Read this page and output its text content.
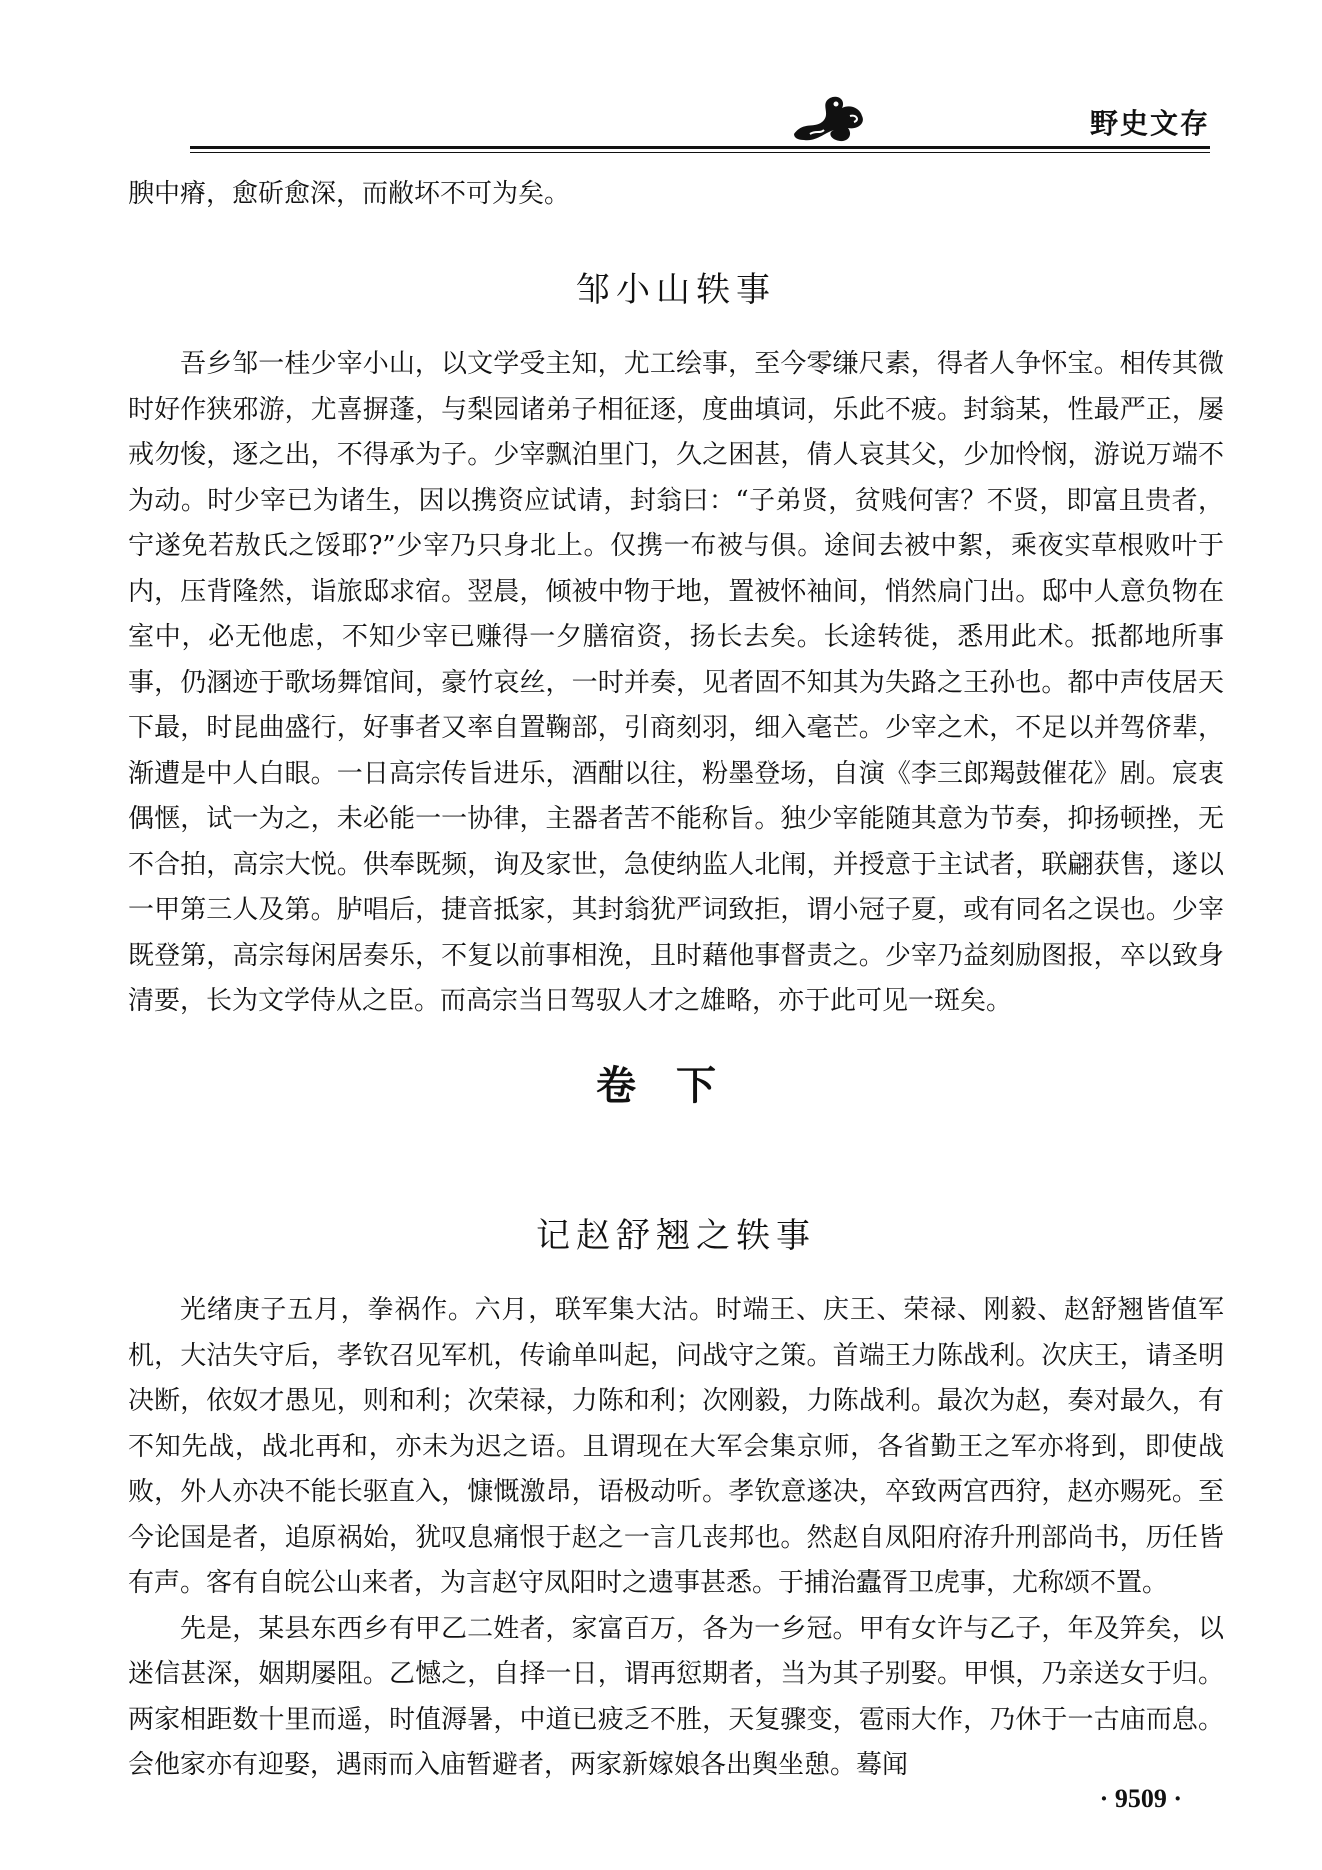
野史文存

腴中瘠，愈斫愈深，而敝坏不可为矣。

邹小山轶事

吾乡邹一桂少宰小山，以文学受主知，尤工绘事，至今零缣尺素，得者人争怀宝。相传其微时好作狭邪游，尤喜摒蓬，与梨园诸弟子相征逐，度曲填词，乐此不疲。封翁某，性最严正，屡戒勿悛，逐之出，不得承为子。少宰飘泊里门，久之困甚，倩人哀其父，少加怜悯，游说万端不为动。时少宰已为诸生，因以携资应试请，封翁曰：“子弟贤，贫贱何害？不贤，即富且贵者，宁遂免若敖氏之馁耶?”少宰乃只身北上。仅携一布被与俱。途间去被中絮，乘夜实草根败叶于内，压背隆然，诣旅邸求宿。翌晨，倾被中物于地，置被怀袖间，悄然扃门出。邸中人意负物在室中，必无他虑，不知少宰已赚得一夕膳宿资，扬长去矣。长途转徙，悉用此术。抵都地所事事，仍溷迹于歌场舞馆间，豪竹哀丝，一时并奏，见者固不知其为失路之王孙也。都中声伎居天下最，时昆曲盛行，好事者又率自置鞠部，引商刻羽，细入毫芒。少宰之术，不足以并驾侪辈，渐遭是中人白眼。一日高宗传旨进乐，酒酣以往，粉墨登场，自演《李三郎羯鼓催花》剧。宸衷偶惬，试一为之，未必能一一协律，主器者苦不能称旨。独少宰能随其意为节奏，抑扬顿挫，无不合拍，高宗大悦。供奉既频，询及家世，急使纳监人北闱，并授意于主试者，联翩获售，遂以一甲第三人及第。胪唱后，捷音抵家，其封翁犹严词致拒，谓小冠子夏，或有同名之误也。少宰既登第，高宗每闲居奏乐，不复以前事相浼，且时藉他事督责之。少宰乃益刻励图报，卒以致身清要，长为文学侍从之臣。而高宗当日驾驭人才之雄略，亦于此可见一斑矣。

卷下
记赵舒翘之轶事

光绪庚子五月，拳祸作。六月，联军集大沽。时端王、庆王、荣禄、刚毅、赵舒翘皆值军机，大沽失守后，孝钦召见军机，传谕单叫起，问战守之策。首端王力陈战利。次庆王，请圣明决断，依奴才愚见，则和利；次荣禄，力陈和利；次刚毅，力陈战利。最次为赵，奏对最久，有不知先战，战北再和，亦未为迟之语。且谓现在大军会集京师，各省勤王之军亦将到，即使战败，外人亦决不能长驱直入，慷慨激昂，语极动听。孝钦意遂决，卒致两宫西狩，赵亦赐死。至今论国是者，追原祸始，犹叹息痛恨于赵之一言几丧邦也。然赵自凤阳府洊升刑部尚书，历任皆有声。客有自皖公山来者，为言赵守凤阳时之遗事甚悉。于捕治蠹胥卫虎事，尤称颂不置。

先是，某县东西乡有甲乙二姓者，家富百万，各为一乡冠。甲有女许与乙子，年及笄矣，以迷信甚深，姻期屡阻。乙憾之，自择一日，谓再愆期者，当为其子别娶。甲惧，乃亲送女于归。两家相距数十里而遥，时值溽暑，中道已疲乏不胜，天复骤变，雹雨大作，乃休于一古庙而息。会他家亦有迎娶，遇雨而入庙暂避者，两家新嫁娘各出舆坐憩。蓦闻

· 9509 ·
